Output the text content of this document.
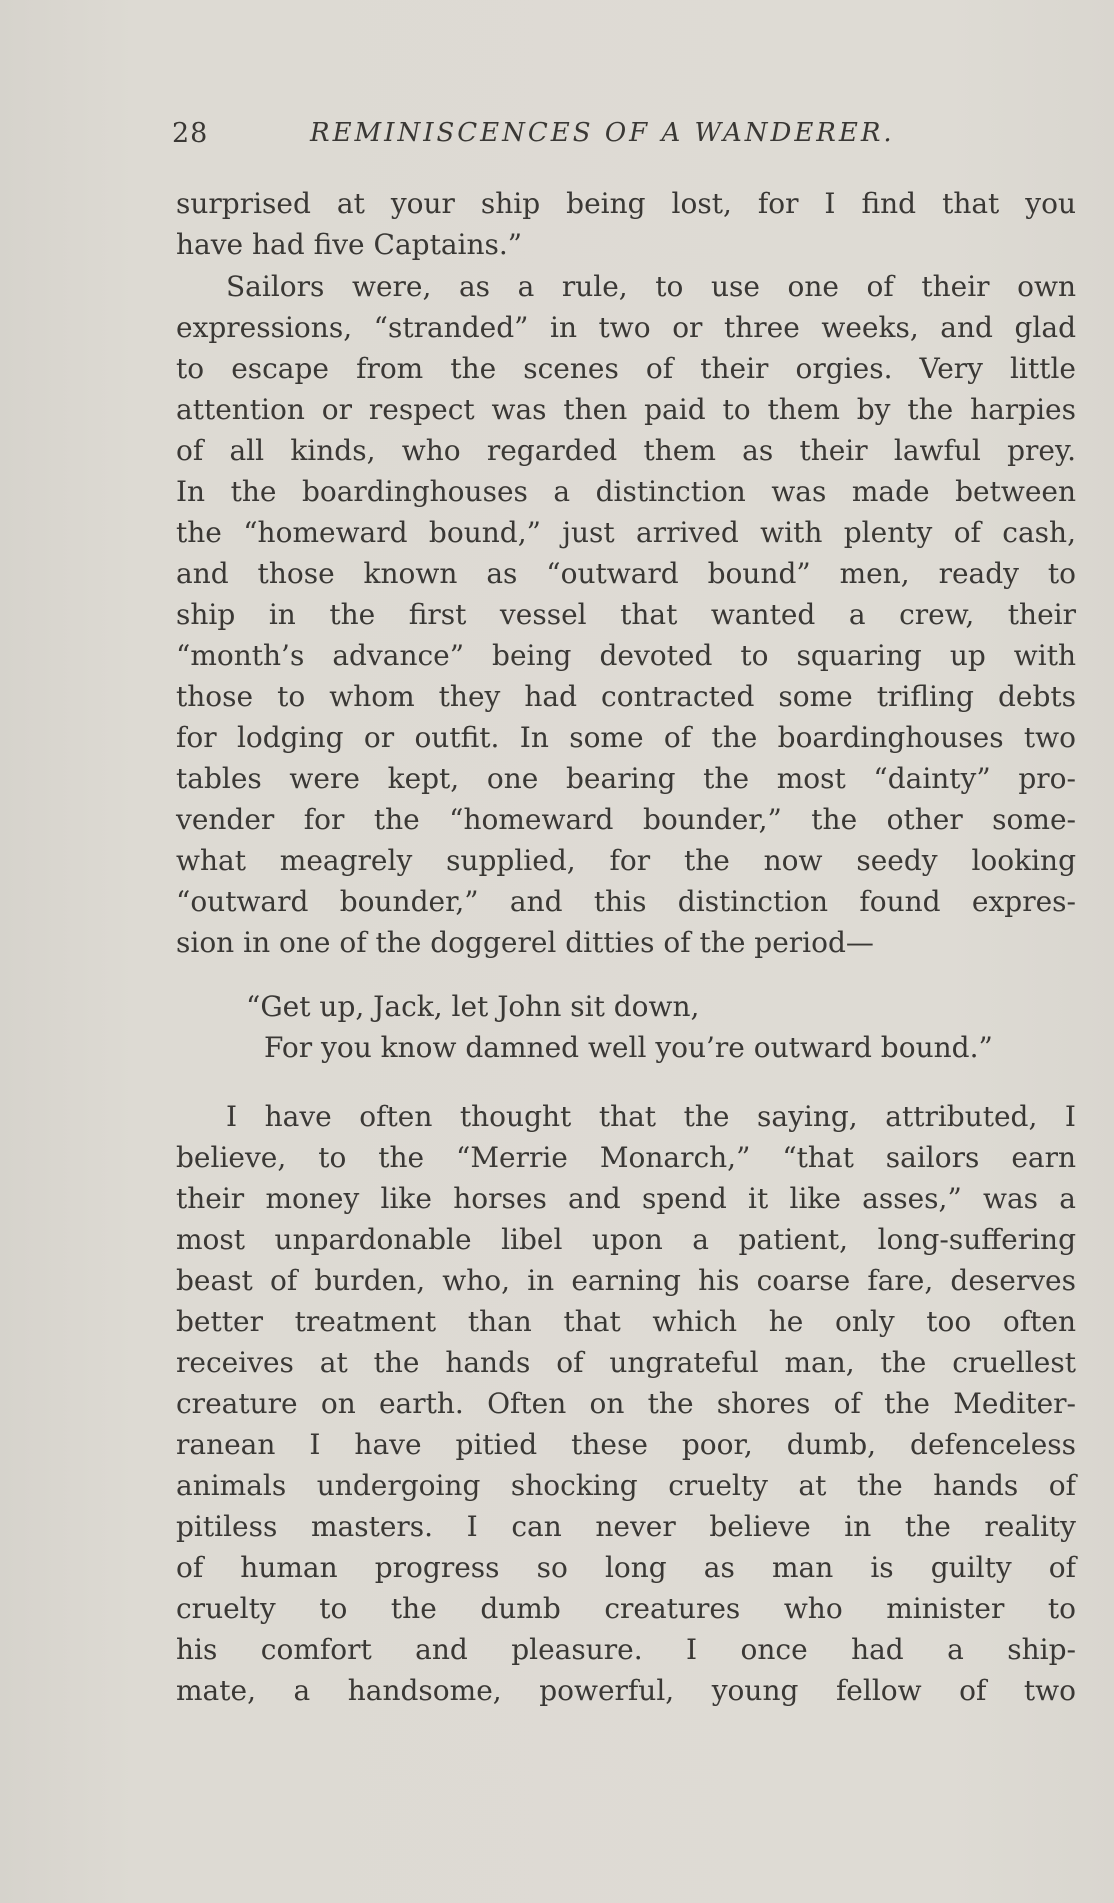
28	REMINISCENCES OF A WANDERER.
surprised at your ship being lost, for I find that you
have had five Captains.”
Sailors were, as a rule, to use one of their own
expressions, “stranded” in two or three weeks, and glad
to escape from the scenes of their orgies. Very little
attention or respect was then paid to them by the harpies
of all kinds, who regarded them as their lawful prey.
In the boardinghouses a distinction was made between
the “homeward bound,” just arrived with plenty of cash,
and those known as “outward bound” men, ready to
ship in the first vessel that wanted a crew, their
“month’s advance” being devoted to squaring up with
those to whom they had contracted some trifling debts
for lodging or outfit. In some of the boardinghouses two
tables were kept, one bearing the most “dainty” pro-
vender for the “homeward bounder,” the other some-
what meagrely supplied, for the now seedy looking
“outward bounder,” and this distinction found expres-
sion in one of the doggerel ditties of the period—
“Get up, Jack, let John sit down,
For you know damned well you’re outward bound.”
I have often thought that the saying, attributed, I
believe, to the “Merrie Monarch,” “that sailors earn
their money like horses and spend it like asses,” was a
most unpardonable libel upon a patient, long-suffering
beast of burden, who, in earning his coarse fare, deserves
better treatment than that which he only too often
receives at the hands of ungrateful man, the cruellest
creature on earth. Often on the shores of the Mediter-
ranean I have pitied these poor, dumb, defenceless
animals undergoing shocking cruelty at the hands of
pitiless masters. I can never believe in the reality
of human progress so long as man is guilty of
cruelty to the dumb creatures who minister to
his comfort and pleasure. I once had a ship-
mate, a handsome, powerful, young fellow of two
